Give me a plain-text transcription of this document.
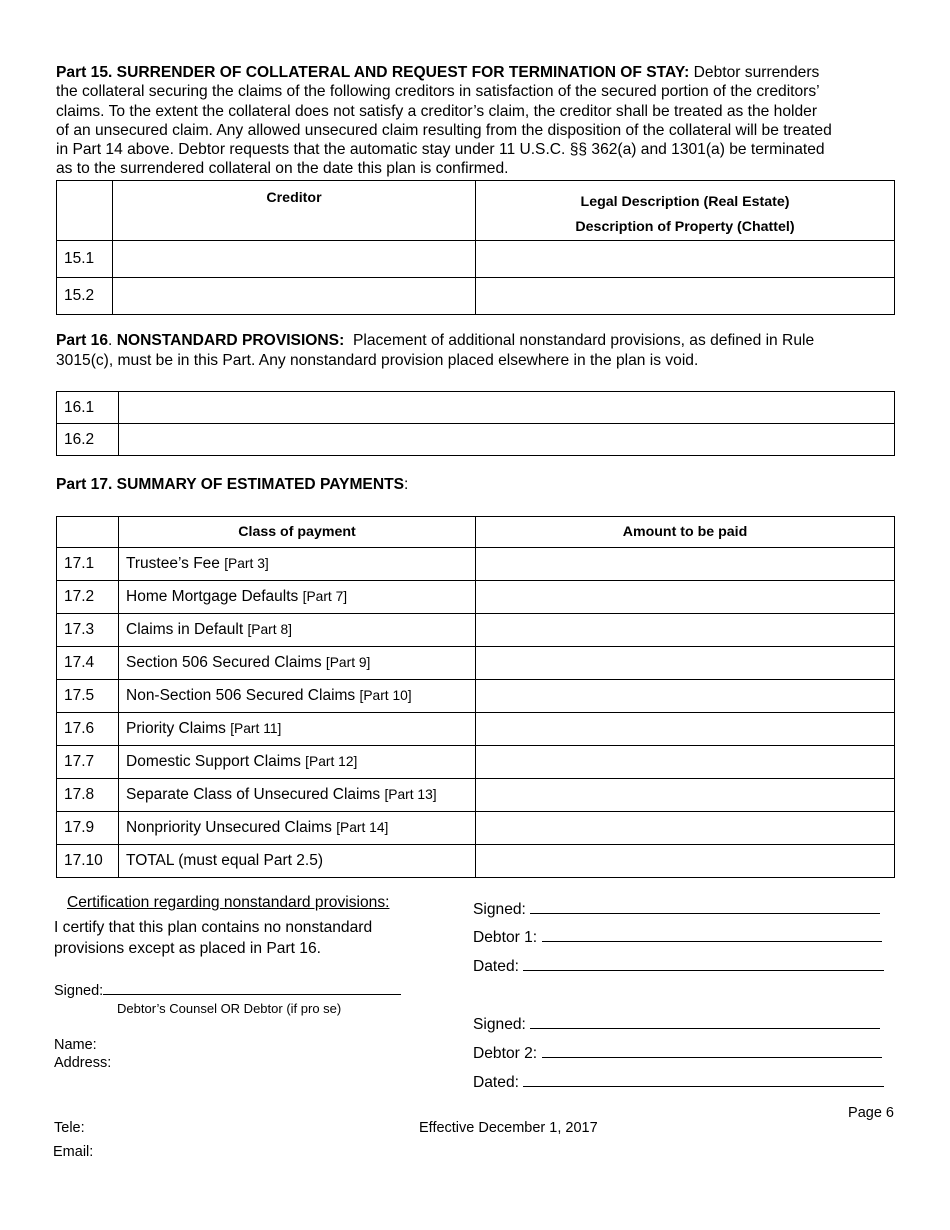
Part 15. SURRENDER OF COLLATERAL AND REQUEST FOR TERMINATION OF STAY: Debtor surrenders
the collateral securing the claims of the following creditors in satisfaction of the secured portion of the creditors’
claims. To the extent the collateral does not satisfy a creditor’s claim, the creditor shall be treated as the holder
of an unsecured claim. Any allowed unsecured claim resulting from the disposition of the collateral will be treated
in Part 14 above. Debtor requests that the automatic stay under 11 U.S.C. §§ 362(a) and 1301(a) be terminated
as to the surrendered collateral on the date this plan is confirmed.
	Creditor	Legal Description (Real Estate)
Description of Property (Chattel)

15.1		
15.2		
Part 16. NONSTANDARD PROVISIONS: Placement of additional nonstandard provisions, as defined in Rule
3015(c), must be in this Part. Any nonstandard provision placed elsewhere in the plan is void.
16.1	
16.2	
Part 17. SUMMARY OF ESTIMATED PAYMENTS:
	Class of payment	Amount to be paid
17.1	Trustee’s Fee [Part 3]	
17.2	Home Mortgage Defaults [Part 7]	
17.3	Claims in Default [Part 8]	
17.4	Section 506 Secured Claims [Part 9]	
17.5	Non-Section 506 Secured Claims [Part 10]	
17.6	Priority Claims [Part 11]	
17.7	Domestic Support Claims [Part 12]	
17.8	Separate Class of Unsecured Claims [Part 13]	
17.9	Nonpriority Unsecured Claims [Part 14]	
17.10	TOTAL (must equal Part 2.5)	
Certification regarding nonstandard provisions:
I certify that this plan contains no nonstandard
provisions except as placed in Part 16.
Signed:
Debtor’s Counsel OR Debtor (if pro se)
Name:
Address:
Tele:
Email:
Signed:
Debtor 1:
Dated:
Signed:
Debtor 2:
Dated:
Page 6
Effective December 1, 2017
